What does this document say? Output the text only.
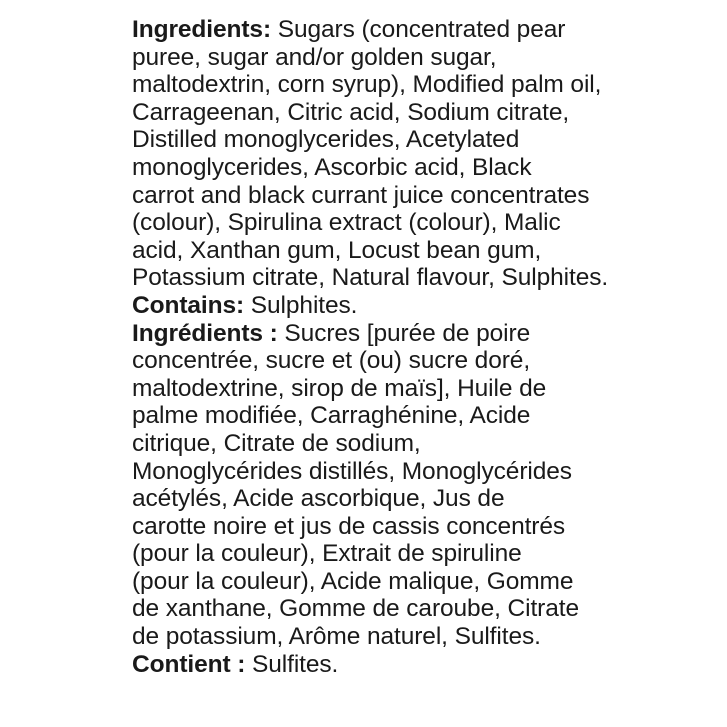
Ingredients: Sugars (concentrated pear
puree, sugar and/or golden sugar,
maltodextrin, corn syrup), Modified palm oil,
Carrageenan, Citric acid, Sodium citrate,
Distilled monoglycerides, Acetylated
monoglycerides, Ascorbic acid, Black
carrot and black currant juice concentrates
(colour), Spirulina extract (colour), Malic
acid, Xanthan gum, Locust bean gum,
Potassium citrate, Natural flavour, Sulphites.
Contains: Sulphites.
Ingrédients : Sucres [purée de poire
concentrée, sucre et (ou) sucre doré,
maltodextrine, sirop de maïs], Huile de
palme modifiée, Carraghénine, Acide
citrique, Citrate de sodium,
Monoglycérides distillés, Monoglycérides
acétylés, Acide ascorbique, Jus de
carotte noire et jus de cassis concentrés
(pour la couleur), Extrait de spiruline
(pour la couleur), Acide malique, Gomme
de xanthane, Gomme de caroube, Citrate
de potassium, Arôme naturel, Sulfites.
Contient : Sulfites.
